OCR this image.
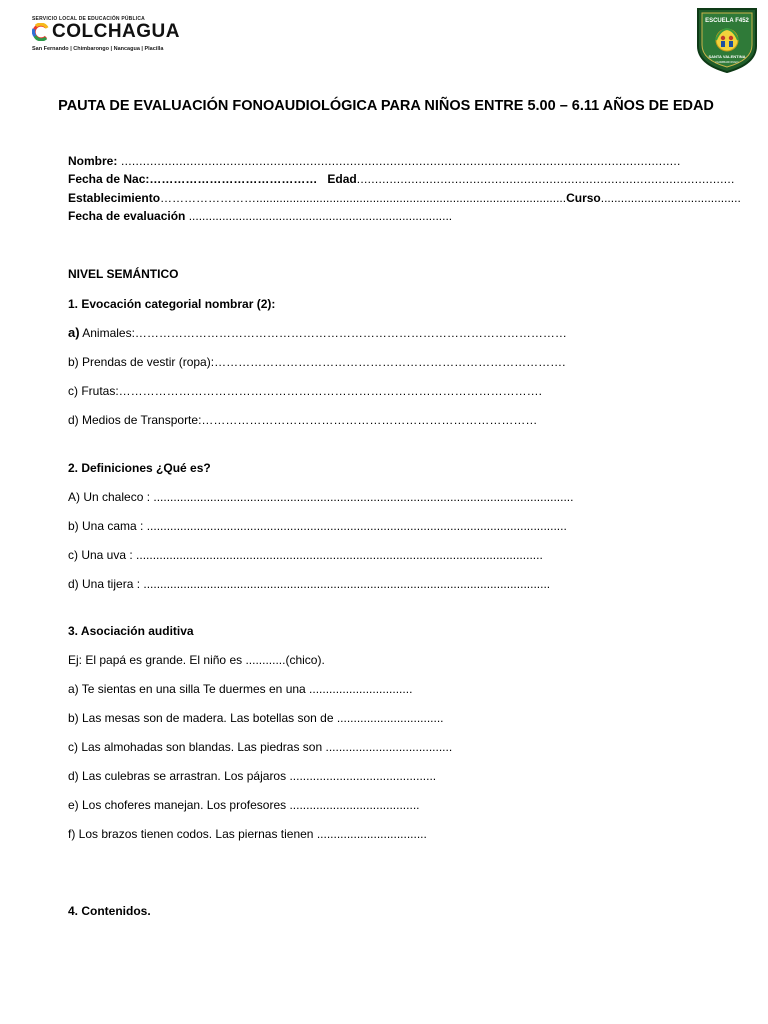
SERVICIO LOCAL DE EDUCACIÓN PÚBLICA
COLCHAGUA
San Fernando | Chimbarongo | Nancagua | Placilla
ESCUELA F452
SANTA VALENTINA
CHIMBARONGO
PAUTA DE EVALUACIÓN FONOAUDIOLÓGICA PARA NIÑOS ENTRE 5.00 – 6.11 AÑOS DE EDAD
Nombre: ..........................................................................................................................................................
Fecha de Nac:…………………………………… Edad........................................................................................................
Establecimiento…………………….............................................................................................Curso..........................................
Fecha de evaluación ...............................................................................
NIVEL SEMÁNTICO
1. Evocación categorial nombrar (2):
a) Animales:………………………………………………………………………………………………
b) Prendas de vestir (ropa):…………………………………………………………………………….
c) Frutas:…………………………………………………………………………………………….
d) Medios de Transporte:…………………………………………………………………………
2. Definiciones ¿Qué es?
A) Un chaleco : ..............................................................................................................................
b) Una cama : ..............................................................................................................................
c) Una uva : ..........................................................................................................................
d) Una tijera : ..........................................................................................................................
3. Asociación auditiva
Ej: El papá es grande. El niño es ............(chico).
a) Te sientas en una silla Te duermes en una ...............................
b) Las mesas son de madera. Las botellas son de ................................
c) Las almohadas son blandas. Las piedras son ......................................
d) Las culebras se arrastran. Los pájaros ............................................
e) Los choferes manejan. Los profesores .......................................
f) Los brazos tienen codos. Las piernas tienen .................................
4. Contenidos.
